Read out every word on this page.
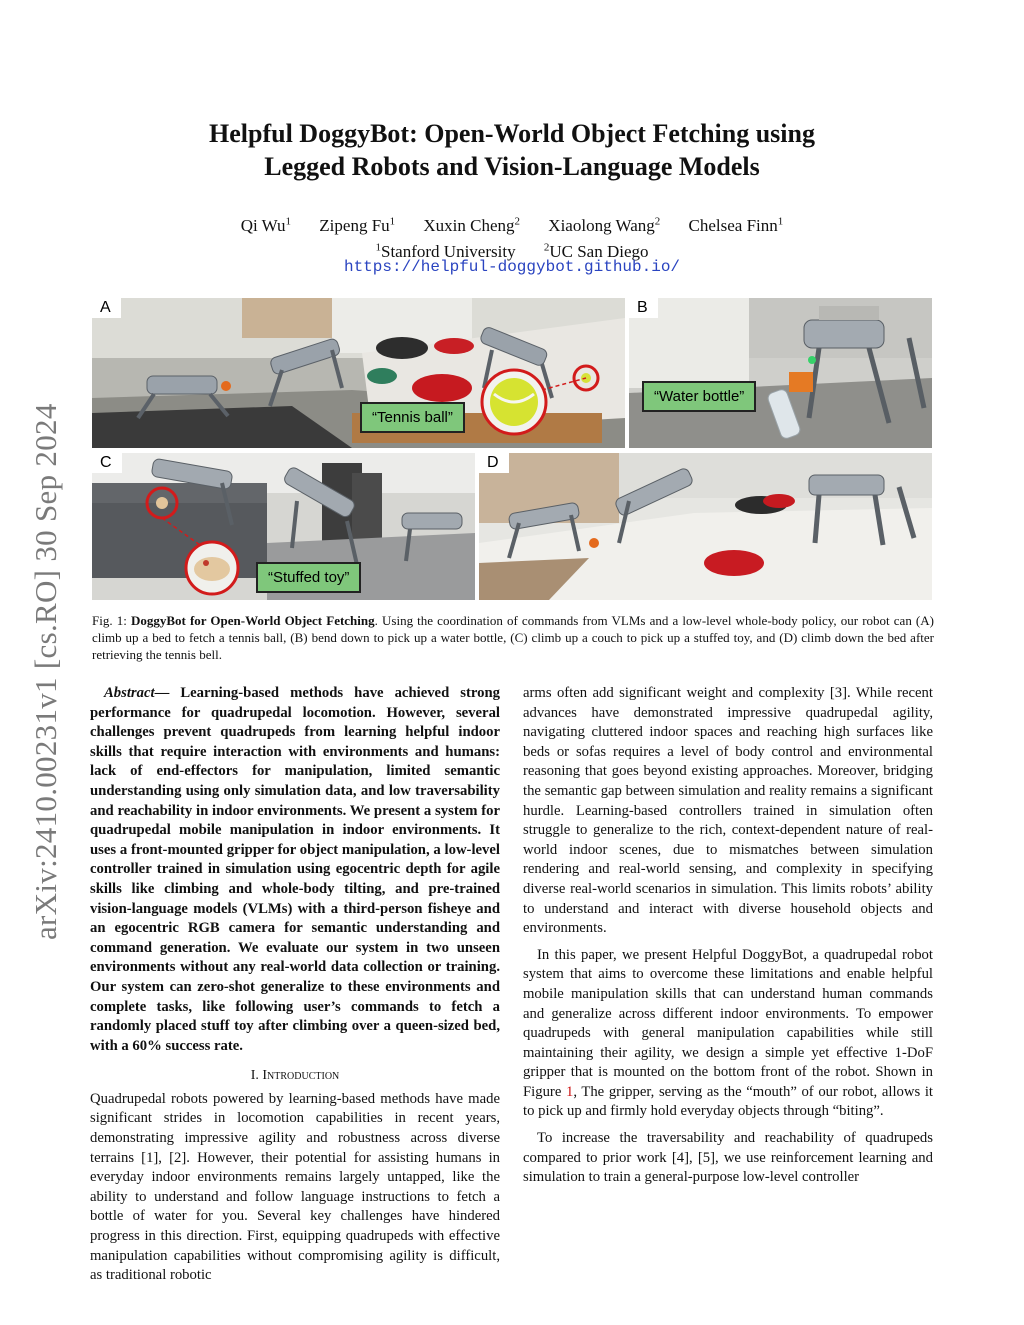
arXiv:2410.00231v1 [cs.RO] 30 Sep 2024
Helpful DoggyBot: Open-World Object Fetching using
Legged Robots and Vision-Language Models
Qi Wu$^1$ Zipeng Fu$^1$ Xuxin Cheng$^2$ Xiaolong Wang$^2$ Chelsea Finn$^1$
$^1$Stanford University	$^2$UC San Diego
https://helpful-doggybot.github.io/
A
“Tennis ball”
B
“Water bottle”
C
“Stuffed toy”
D
Fig. 1: DoggyBot for Open-World Object Fetching. Using the coordination of commands from VLMs and a low-level whole-body policy, our robot can (A) climb up a bed to fetch a tennis ball, (B) bend down to pick up a water bottle, (C) climb up a couch to pick up a stuffed toy, and (D) climb down the bed after retrieving the tennis bell.

Abstract— Learning-based methods have achieved strong performance for quadrupedal locomotion. However, several challenges prevent quadrupeds from learning helpful indoor skills that require interaction with environments and humans: lack of end-effectors for manipulation, limited semantic understanding using only simulation data, and low traversability and reachability in indoor environments. We present a system for quadrupedal mobile manipulation in indoor environments. It uses a front-mounted gripper for object manipulation, a low-level controller trained in simulation using egocentric depth for agile skills like climbing and whole-body tilting, and pre-trained vision-language models (VLMs) with a third-person fisheye and an egocentric RGB camera for semantic understanding and command generation. We evaluate our system in two unseen environments without any real-world data collection or training. Our system can zero-shot generalize to these environments and complete tasks, like following user’s commands to fetch a randomly placed stuff toy after climbing over a queen-sized bed, with a 60% success rate.

I. Introduction

Quadrupedal robots powered by learning-based methods have made significant strides in locomotion capabilities in recent years, demonstrating impressive agility and robustness across diverse terrains [1], [2]. However, their potential for assisting humans in everyday indoor environments remains largely untapped, like the ability to understand and follow language instructions to fetch a bottle of water for you. Several key challenges have hindered progress in this direction. First, equipping quadrupeds with effective manipulation capabilities without compromising agility is difficult, as traditional robotic

arms often add significant weight and complexity [3]. While recent advances have demonstrated impressive quadrupedal agility, navigating cluttered indoor spaces and reaching high surfaces like beds or sofas requires a level of body control and environmental reasoning that goes beyond existing approaches. Moreover, bridging the semantic gap between simulation and reality remains a significant hurdle. Learning-based controllers trained in simulation often struggle to generalize to the rich, context-dependent nature of real-world indoor scenes, due to mismatches between simulation rendering and real-world sensing, and complexity in specifying diverse real-world scenarios in simulation. This limits robots’ ability to understand and interact with diverse household objects and environments.

In this paper, we present Helpful DoggyBot, a quadrupedal robot system that aims to overcome these limitations and enable helpful mobile manipulation skills that can understand human commands and generalize across different indoor environments. To empower quadrupeds with general manipulation capabilities while still maintaining their agility, we design a simple yet effective 1-DoF gripper that is mounted on the bottom front of the robot. Shown in Figure 1, The gripper, serving as the “mouth” of our robot, allows it to pick up and firmly hold everyday objects through “biting”.

To increase the traversability and reachability of quadrupeds compared to prior work [4], [5], we use reinforcement learning and simulation to train a general-purpose low-level controller
